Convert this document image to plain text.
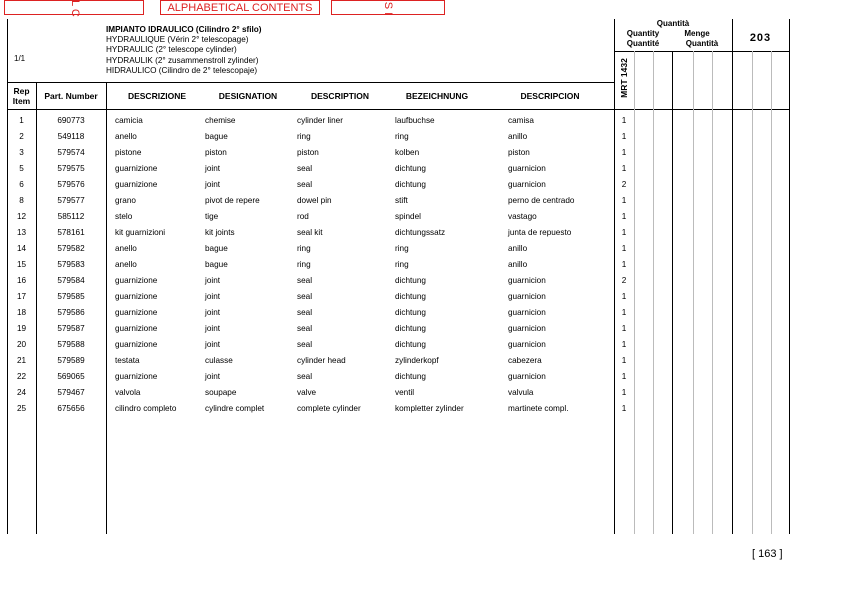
L C	ALPHABETICAL CONTENTS	S I
1/1
IMPIANTO IDRAULICO (Cilindro 2° sfilo)
HYDRAULIQUE (Vérin 2° telescopage)
HYDRAULIC (2° telescope cylinder)
HYDRAULIK (2° zusammenstroll zylinder)
HIDRAULICO (Cilindro de 2° telescopaje)
Quantità
Quantity
Quantité
Menge
Quantità	203
MRT 1432
Rep
Item	Part. Number	DESCRIZIONE	DESIGNATION	DESCRIPTION	BEZEICHNUNG	DESCRIPCION
1	690773	camicia	chemise	cylinder liner	laufbuchse	camisa	1
2	549118	anello	bague	ring	ring	anillo	1
3	579574	pistone	piston	piston	kolben	piston	1
5	579575	guarnizione	joint	seal	dichtung	guarnicion	1
6	579576	guarnizione	joint	seal	dichtung	guarnicion	2
8	579577	grano	pivot de repere	dowel pin	stift	perno de centrado	1
12	585112	stelo	tige	rod	spindel	vastago	1
13	578161	kit guarnizioni	kit joints	seal kit	dichtungssatz	junta de repuesto	1
14	579582	anello	bague	ring	ring	anillo	1
15	579583	anello	bague	ring	ring	anillo	1
16	579584	guarnizione	joint	seal	dichtung	guarnicion	2
17	579585	guarnizione	joint	seal	dichtung	guarnicion	1
18	579586	guarnizione	joint	seal	dichtung	guarnicion	1
19	579587	guarnizione	joint	seal	dichtung	guarnicion	1
20	579588	guarnizione	joint	seal	dichtung	guarnicion	1
21	579589	testata	culasse	cylinder head	zylinderkopf	cabezera	1
22	569065	guarnizione	joint	seal	dichtung	guarnicion	1
24	579467	valvola	soupape	valve	ventil	valvula	1
25	675656	cilindro completo	cylindre complet	complete cylinder	kompletter zylinder	martinete compl.	1
[ 163 ]
